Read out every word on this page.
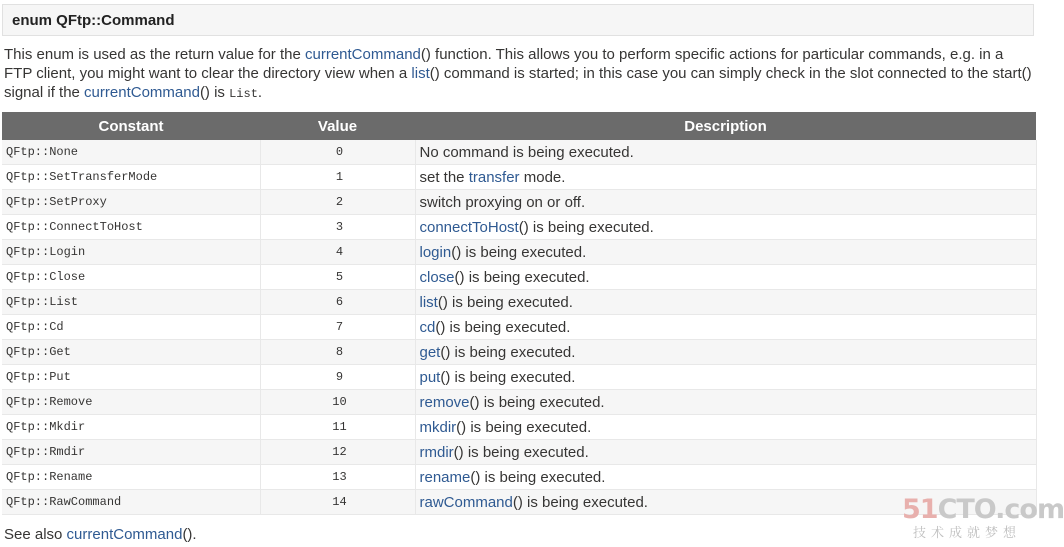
enum QFtp::Command

This enum is used as the return value for the currentCommand() function. This allows you to perform specific actions for particular commands, e.g. in a FTP client, you might want to clear the directory view when a list() command is started; in this case you can simply check in the slot connected to the start() signal if the currentCommand() is List.

Constant	Value	Description
QFtp::None	0	No command is being executed.
QFtp::SetTransferMode	1	set the transfer mode.
QFtp::SetProxy	2	switch proxying on or off.
QFtp::ConnectToHost	3	connectToHost() is being executed.
QFtp::Login	4	login() is being executed.
QFtp::Close	5	close() is being executed.
QFtp::List	6	list() is being executed.
QFtp::Cd	7	cd() is being executed.
QFtp::Get	8	get() is being executed.
QFtp::Put	9	put() is being executed.
QFtp::Remove	10	remove() is being executed.
QFtp::Mkdir	11	mkdir() is being executed.
QFtp::Rmdir	12	rmdir() is being executed.
QFtp::Rename	13	rename() is being executed.
QFtp::RawCommand	14	rawCommand() is being executed.

See also currentCommand().

51CTO.com
技术成就梦想
